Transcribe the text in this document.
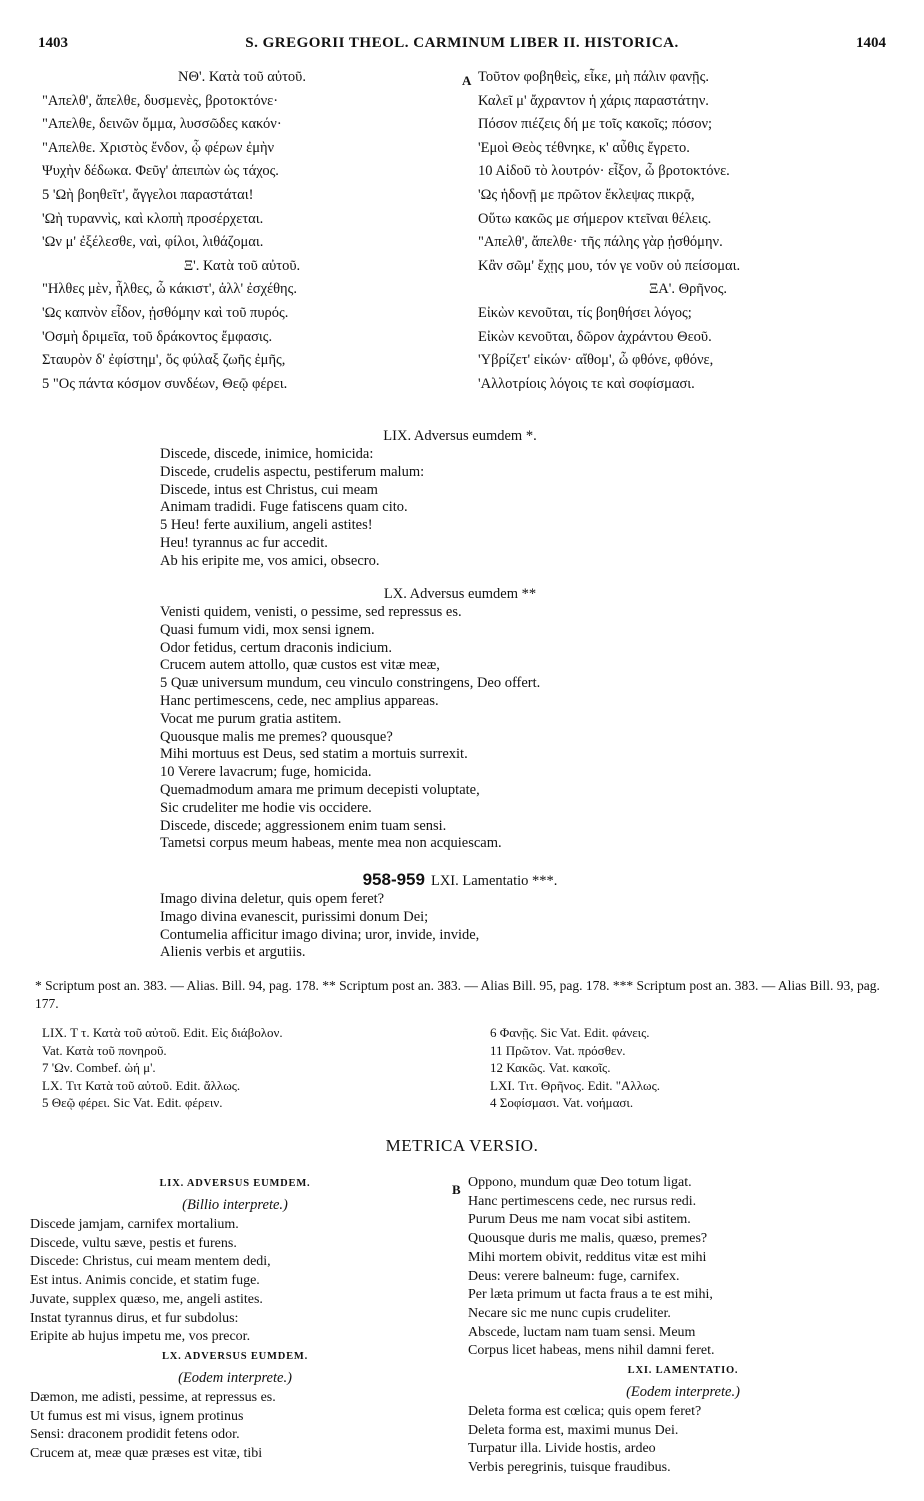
1403	S. GREGORII THEOL. CARMINUM LIBER II. HISTORICA.	1404
ΝΘ'. Κατὰ τοῦ αὐτοῦ.
"Απελθ', ἄπελθε, δυσμενὲς, βροτοκτόνε·
"Απελθε, δεινῶν ὄμμα, λυσσῶδες κακόν·
"Απελθε. Χριστὸς ἔνδον, ᾧ φέρων ἐμὴν
Ψυχὴν δέδωκα. Φεῦγ' ἀπειπὼν ὡς τάχος.
5 'Ωὴ βοηθεῖτ', ἄγγελοι παραστάται!
'Ωὴ τυραννὶς, καὶ κλοπὴ προσέρχεται.
'Ων μ' ἐξέλεσθε, ναὶ, φίλοι, λιθάζομαι.
Ξ'. Κατὰ τοῦ αὐτοῦ.
"Ηλθες μὲν, ἦλθες, ὦ κάκιστ', ἀλλ' ἐσχέθης.
'Ως καπνὸν εἶδον, ᾐσθόμην καὶ τοῦ πυρός.
'Οσμὴ δριμεῖα, τοῦ δράκοντος ἔμφασις.
Σταυρὸν δ' ἐφίστημ', ὅς φύλαξ ζωῆς ἐμῆς,
5 "Ος πάντα κόσμον συνδέων, Θεῷ φέρει.
A Τοῦτον φοβηθεὶς, εἶκε, μὴ πάλιν φανῇς.
Καλεῖ μ' ἄχραντον ἡ χάρις παραστάτην.
Πόσον πιέζεις δή με τοῖς κακοῖς; πόσον;
'Εμοὶ Θεὸς τέθνηκε, κ' αὖθις ἔγρετο.
10 Αἰδοῦ τὸ λουτρόν· εἶξον, ὦ βροτοκτόνε.
'Ως ἡδονῇ με πρῶτον ἔκλεψας πικρᾷ,
Οὕτω κακῶς με σήμερον κτεῖναι θέλεις.
"Απελθ', ἄπελθε· τῆς πάλης γὰρ ᾐσθόμην.
Κἂν σῶμ' ἔχῃς μου, τόν γε νοῦν οὐ πείσομαι.
ΞΑ'. Θρῆνος.
Εἰκὼν κενοῦται, τίς βοηθήσει λόγος;
Εἰκὼν κενοῦται, δῶρον ἀχράντου Θεοῦ.
'Υβρίζετ' εἰκών· αἴθομ', ὦ φθόνε, φθόνε,
'Αλλοτρίοις λόγοις τε καὶ σοφίσμασι.
LIX. Adversus eumdem *.
Discede, discede, inimice, homicida:
Discede, crudelis aspectu, pestiferum malum:
Discede, intus est Christus, cui meam
Animam tradidi. Fuge fatiscens quam cito.
5 Heu! ferte auxilium, angeli astites!
Heu! tyrannus ac fur accedit.
Ab his eripite me, vos amici, obsecro.
LX. Adversus eumdem **
Venisti quidem, venisti, o pessime, sed repressus es.
Quasi fumum vidi, mox sensi ignem.
Odor fetidus, certum draconis indicium.
Crucem autem attollo, quæ custos est vitæ meæ,
5 Quæ universum mundum, ceu vinculo constringens, Deo offert.
Hanc pertimescens, cede, nec amplius appareas.
Vocat me purum gratia astitem.
Quousque malis me premes? quousque?
Mihi mortuus est Deus, sed statim a mortuis surrexit.
10 Verere lavacrum; fuge, homicida.
Quemadmodum amara me primum decepisti voluptate,
Sic crudeliter me hodie vis occidere.
Discede, discede; aggressionem enim tuam sensi.
Tametsi corpus meum habeas, mente mea non acquiescam.
958-959 LXI. Lamentatio ***.
Imago divina deletur, quis opem feret?
Imago divina evanescit, purissimi donum Dei;
Contumelia afficitur imago divina; uror, invide, invide,
Alienis verbis et argutiis.
* Scriptum post an. 383. — Alias. Bill. 94, pag. 178. ** Scriptum post an. 383. — Alias Bill. 95, pag. 178. *** Scriptum post an. 383. — Alias Bill. 93, pag. 177.
LIX. Τ τ. Κατὰ τοῦ αὐτοῦ. Edit. Εἰς διάβολον.
Vat. Κατὰ τοῦ πονηροῦ.
7 'Ων. Combef. ὠή μ'.
LX. Τιτ Κατὰ τοῦ αὐτοῦ. Edit. ἄλλως.
5 Θεῷ φέρει. Sic Vat. Edit. φέρειν.
6 Φανῇς. Sic Vat. Edit. φάνεις.
11 Πρῶτον. Vat. πρόσθεν.
12 Κακῶς. Vat. κακοῖς.
LXI. Τιτ. Θρῆνος. Edit. "Αλλως.
4 Σοφίσμασι. Vat. νοήμασι.
METRICA VERSIO.
LIX. ADVERSUS EUMDEM.
(Billio interprete.)
Discede jamjam, carnifex mortalium.
Discede, vultu sæve, pestis et furens.
Discede: Christus, cui meam mentem dedi,
Est intus. Animis concide, et statim fuge.
Juvate, supplex quæso, me, angeli astites.
Instat tyrannus dirus, et fur subdolus:
Eripite ab hujus impetu me, vos precor.
LX. ADVERSUS EUMDEM.
(Eodem interprete.)
Dæmon, me adisti, pessime, at repressus es.
Ut fumus est mi visus, ignem protinus
Sensi: draconem prodidit fetens odor.
Crucem at, meæ quæ præses est vitæ, tibi
B Oppono, mundum quæ Deo totum ligat.
Hanc pertimescens cede, nec rursus redi.
Purum Deus me nam vocat sibi astitem.
Quousque duris me malis, quæso, premes?
Mihi mortem obivit, redditus vitæ est mihi
Deus: verere balneum: fuge, carnifex.
Per læta primum ut facta fraus a te est mihi,
Necare sic me nunc cupis crudeliter.
Abscede, luctam nam tuam sensi. Meum
Corpus licet habeas, mens nihil damni feret.
LXI. LAMENTATIO.
(Eodem interprete.)
Deleta forma est cœlica; quis opem feret?
Deleta forma est, maximi munus Dei.
Turpatur illa. Livide hostis, ardeo
Verbis peregrinis, tuisque fraudibus.
